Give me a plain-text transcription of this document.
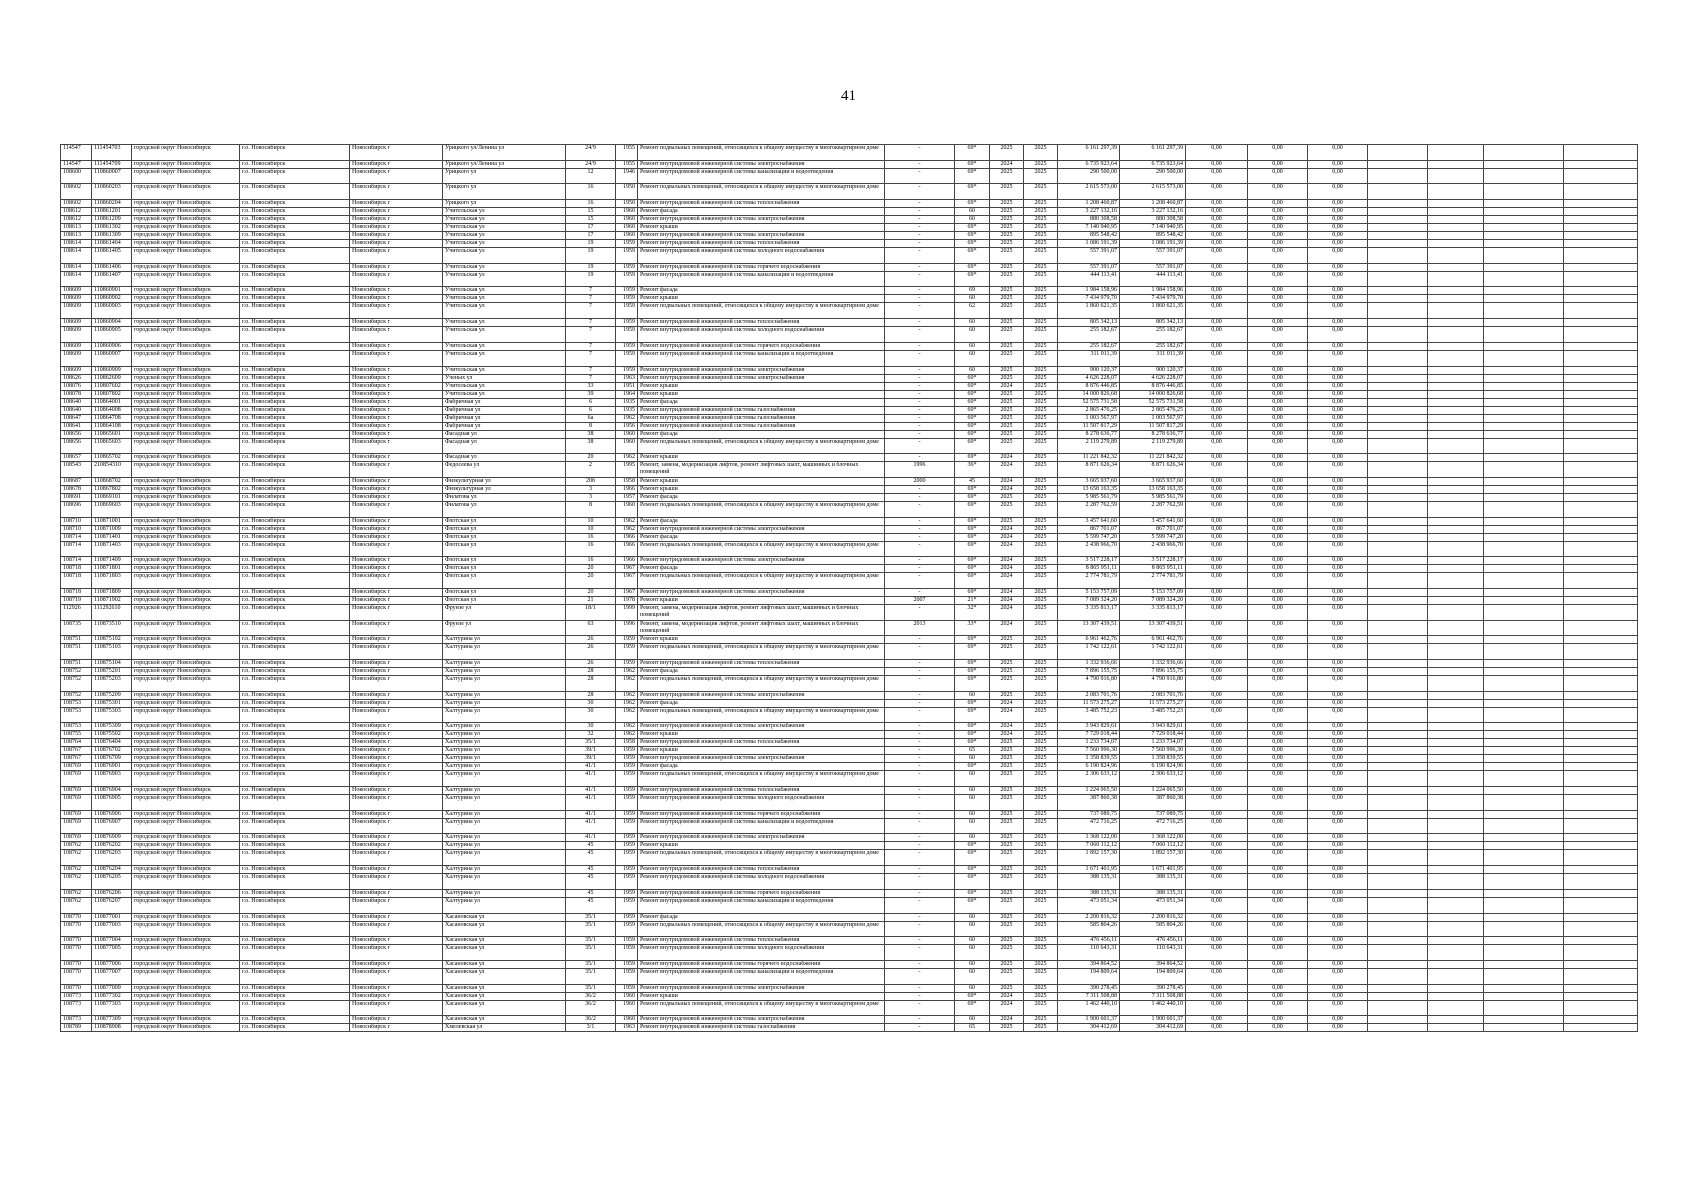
41
114547	111454703	городской округ Новосибирск	г.о. Новосибирск	Новосибирск г	Урицкого ул/Ленина ул	24/9	1955	Ремонт подвальных помещений, относящихся к общему имуществу в многоквартирном доме	-	69*	2025	2025	6 161 297,39	6 161 297,39	0,00	0,00	0,00				
114547	111454709	городской округ Новосибирск	г.о. Новосибирск	Новосибирск г	Урицкого ул/Ленина ул	24/9	1955	Ремонт внутридомовой инженерной системы электроснабжения	-	69*	2024	2025	6 735 923,64	6 735 923,64	0,00	0,00	0,00				
108600	110860007	городской округ Новосибирск	г.о. Новосибирск	Новосибирск г	Урицкого ул	12	1946	Ремонт внутридомовой инженерной системы канализации и водоотведения	-	69*	2025	2025	290 500,00	290 500,00	0,00	0,00	0,00				
108602	110860203	городской округ Новосибирск	г.о. Новосибирск	Новосибирск г	Урицкого ул	16	1950	Ремонт подвальных помещений, относящихся к общему имуществу в многоквартирном доме	-	69*	2025	2025	2 615 573,00	2 615 573,00	0,00	0,00	0,00				
108602	110860204	городской округ Новосибирск	г.о. Новосибирск	Новосибирск г	Урицкого ул	16	1950	Ремонт внутридомовой инженерной системы теплоснабжения	-	69*	2025	2025	1 208 460,87	1 208 460,87	0,00	0,00	0,00				
108612	110861201	городской округ Новосибирск	г.о. Новосибирск	Новосибирск г	Учительская ул	15	1960	Ремонт фасада	-	60	2025	2025	3 227 132,16	3 227 132,16	0,00	0,00	0,00				
108612	110861209	городской округ Новосибирск	г.о. Новосибирск	Новосибирск г	Учительская ул	15	1960	Ремонт внутридомовой инженерной системы электроснабжения	-	60	2025	2025	880 308,58	880 308,58	0,00	0,00	0,00				
108613	110861302	городской округ Новосибирск	г.о. Новосибирск	Новосибирск г	Учительская ул	17	1960	Ремонт крыши	-	69*	2025	2025	7 140 940,95	7 140 940,95	0,00	0,00	0,00				
108613	110861309	городской округ Новосибирск	г.о. Новосибирск	Новосибирск г	Учительская ул	17	1960	Ремонт внутридомовой инженерной системы электроснабжения	-	69*	2025	2025	895 548,42	895 548,42	0,00	0,00	0,00				
108614	110861404	городской округ Новосибирск	г.о. Новосибирск	Новосибирск г	Учительская ул	19	1959	Ремонт внутридомовой инженерной системы теплоснабжения	-	69*	2025	2025	1 086 191,39	1 086 191,39	0,00	0,00	0,00				
108614	110861405	городской округ Новосибирск	г.о. Новосибирск	Новосибирск г	Учительская ул	19	1959	Ремонт внутридомовой инженерной системы холодного водоснабжения	-	69*	2025	2025	557 391,07	557 391,07	0,00	0,00	0,00				
108614	110861406	городской округ Новосибирск	г.о. Новосибирск	Новосибирск г	Учительская ул	19	1959	Ремонт внутридомовой инженерной системы горячего водоснабжения	-	69*	2025	2025	557 391,07	557 391,07	0,00	0,00	0,00				
108614	110861407	городской округ Новосибирск	г.о. Новосибирск	Новосибирск г	Учительская ул	19	1959	Ремонт внутридомовой инженерной системы канализации и водоотведения	-	69*	2025	2025	444 113,41	444 113,41	0,00	0,00	0,00				
108609	110860901	городской округ Новосибирск	г.о. Новосибирск	Новосибирск г	Учительская ул	7	1959	Ремонт фасада	-	69	2025	2025	1 984 158,96	1 984 158,96	0,00	0,00	0,00				
108609	110860902	городской округ Новосибирск	г.о. Новосибирск	Новосибирск г	Учительская ул	7	1959	Ремонт крыши	-	60	2025	2025	7 434 979,70	7 434 979,70	0,00	0,00	0,00				
108609	110860903	городской округ Новосибирск	г.о. Новосибирск	Новосибирск г	Учительская ул	7	1959	Ремонт подвальных помещений, относящихся к общему имуществу в многоквартирном доме	-	62	2025	2025	1 860 621,35	1 860 621,35	0,00	0,00	0,00				
108609	110860904	городской округ Новосибирск	г.о. Новосибирск	Новосибирск г	Учительская ул	7	1959	Ремонт внутридомовой инженерной системы теплоснабжения	-	60	2025	2025	805 342,13	805 342,13	0,00	0,00	0,00				
108609	110860905	городской округ Новосибирск	г.о. Новосибирск	Новосибирск г	Учительская ул	7	1959	Ремонт внутридомовой инженерной системы холодного водоснабжения	-	60	2025	2025	255 182,67	255 182,67	0,00	0,00	0,00				
108609	110860906	городской округ Новосибирск	г.о. Новосибирск	Новосибирск г	Учительская ул	7	1959	Ремонт внутридомовой инженерной системы горячего водоснабжения	-	60	2025	2025	255 182,67	255 182,67	0,00	0,00	0,00				
108609	110860907	городской округ Новосибирск	г.о. Новосибирск	Новосибирск г	Учительская ул	7	1959	Ремонт внутридомовой инженерной системы канализации и водоотведения	-	60	2025	2025	311 011,39	311 011,39	0,00	0,00	0,00				
108609	110860909	городской округ Новосибирск	г.о. Новосибирск	Новосибирск г	Учительская ул	7	1959	Ремонт внутридомовой инженерной системы электроснабжения	-	60	2025	2025	900 120,37	900 120,37	0,00	0,00	0,00				
108626	110862609	городской округ Новосибирск	г.о. Новосибирск	Новосибирск г	Ученых ул	7	1963	Ремонт внутридомовой инженерной системы электроснабжения	-	69*	2025	2025	4 626 228,07	4 626 228,07	0,00	0,00	0,00				
108076	110807602	городской округ Новосибирск	г.о. Новосибирск	Новосибирск г	Учительская ул	33	1951	Ремонт крыши	-	69*	2024	2025	8 876 446,85	8 876 446,85	0,00	0,00	0,00				
108078	110807802	городской округ Новосибирск	г.о. Новосибирск	Новосибирск г	Учительская ул	39	1964	Ремонт крыши	-	69*	2025	2025	14 000 826,68	14 000 826,68	0,00	0,00	0,00				
108640	110864001	городской округ Новосибирск	г.о. Новосибирск	Новосибирск г	Фабричная ул	6	1935	Ремонт фасада	-	69*	2025	2025	52 575 731,58	52 575 731,58	0,00	0,00	0,00				
108640	110864008	городской округ Новосибирск	г.о. Новосибирск	Новосибирск г	Фабричная ул	6	1935	Ремонт внутридомовой инженерной системы газоснабжения	-	69*	2025	2025	2 865 476,25	2 865 476,25	0,00	0,00	0,00				
108647	110864708	городской округ Новосибирск	г.о. Новосибирск	Новосибирск г	Фабричная ул	6а	1962	Ремонт внутридомовой инженерной системы газоснабжения	-	69*	2025	2025	1 003 567,97	1 003 567,97	0,00	0,00	0,00				
108641	110864108	городской округ Новосибирск	г.о. Новосибирск	Новосибирск г	Фабричная ул	8	1956	Ремонт внутридомовой инженерной системы газоснабжения	-	69*	2025	2025	11 507 817,29	11 507 817,29	0,00	0,00	0,00				
108656	110865601	городской округ Новосибирск	г.о. Новосибирск	Новосибирск г	Фасадная ул	38	1960	Ремонт фасада	-	69*	2025	2025	8 278 636,77	8 278 636,77	0,00	0,00	0,00				
108656	110865603	городской округ Новосибирск	г.о. Новосибирск	Новосибирск г	Фасадная ул	38	1960	Ремонт подвальных помещений, относящихся к общему имуществу в многоквартирном доме	-	69*	2025	2025	2 119 279,89	2 119 279,89	0,00	0,00	0,00				
108657	110865702	городской округ Новосибирск	г.о. Новосибирск	Новосибирск г	Фасадная ул	20	1962	Ремонт крыши	-	69*	2024	2025	11 221 842,32	11 221 842,32	0,00	0,00	0,00				
108543	210854310	городской округ Новосибирск	г.о. Новосибирск	Новосибирск г	Федосеева ул	2	1995	Ремонт, замена, модернизация лифтов, ремонт лифтовых шахт, машинных и блочных помещений	1996	36*	2024	2025	8 871 626,34	8 871 626,34	0,00	0,00	0,00				
108687	110868702	городской округ Новосибирск	г.о. Новосибирск	Новосибирск г	Физкультурная ул	20б	1958	Ремонт крыши	2000	45	2024	2025	3 665 937,60	3 665 937,60	0,00	0,00	0,00				
108678	110867802	городской округ Новосибирск	г.о. Новосибирск	Новосибирск г	Физкультурная ул	3	1966	Ремонт крыши	-	69*	2024	2025	13 658 163,35	13 658 163,35	0,00	0,00	0,00				
108691	110869101	городской округ Новосибирск	г.о. Новосибирск	Новосибирск г	Филатова ул	3	1957	Ремонт фасада	-	69*	2025	2025	5 985 561,79	5 985 561,79	0,00	0,00	0,00				
108696	110869603	городской округ Новосибирск	г.о. Новосибирск	Новосибирск г	Филатова ул	8	1960	Ремонт подвальных помещений, относящихся к общему имуществу в многоквартирном доме	-	69*	2025	2025	2 287 762,59	2 287 762,59	0,00	0,00	0,00				
108710	110871001	городской округ Новосибирск	г.о. Новосибирск	Новосибирск г	Флотская ул	10	1962	Ремонт фасада	-	69*	2025	2025	3 457 641,60	3 457 641,60	0,00	0,00	0,00				
108710	110871009	городской округ Новосибирск	г.о. Новосибирск	Новосибирск г	Флотская ул	10	1962	Ремонт внутридомовой инженерной системы электроснабжения	-	69*	2024	2025	867 701,07	867 701,07	0,00	0,00	0,00				
108714	110871401	городской округ Новосибирск	г.о. Новосибирск	Новосибирск г	Флотская ул	16	1966	Ремонт фасада	-	69*	2024	2025	5 599 747,20	5 599 747,20	0,00	0,00	0,00				
108714	110871403	городской округ Новосибирск	г.о. Новосибирск	Новосибирск г	Флотская ул	16	1966	Ремонт подвальных помещений, относящихся к общему имуществу в многоквартирном доме	-	69*	2024	2025	2 438 966,70	2 438 966,70	0,00	0,00	0,00				
108714	110871409	городской округ Новосибирск	г.о. Новосибирск	Новосибирск г	Флотская ул	16	1966	Ремонт внутридомовой инженерной системы электроснабжения	-	69*	2024	2025	3 517 228,17	3 517 228,17	0,00	0,00	0,00				
108718	110871801	городской округ Новосибирск	г.о. Новосибирск	Новосибирск г	Флотская ул	20	1967	Ремонт фасада	-	69*	2024	2025	8 865 951,11	8 865 951,11	0,00	0,00	0,00				
108718	110871803	городской округ Новосибирск	г.о. Новосибирск	Новосибирск г	Флотская ул	20	1967	Ремонт подвальных помещений, относящихся к общему имуществу в многоквартирном доме	-	69*	2024	2025	2 774 781,79	2 774 781,79	0,00	0,00	0,00				
108718	110871809	городской округ Новосибирск	г.о. Новосибирск	Новосибирск г	Флотская ул	20	1967	Ремонт внутридомовой инженерной системы электроснабжения	-	69*	2024	2025	5 153 757,09	5 153 757,09	0,00	0,00	0,00				
108719	110871902	городской округ Новосибирск	г.о. Новосибирск	Новосибирск г	Флотская ул	21	1978	Ремонт крыши	2007	21*	2024	2025	7 089 324,20	7 089 324,20	0,00	0,00	0,00				
112926	111292610	городской округ Новосибирск	г.о. Новосибирск	Новосибирск г	Фрунзе ул	18/1	1999	Ремонт, замена, модернизация лифтов, ремонт лифтовых шахт, машинных и блочных помещений	-	32*	2024	2025	3 335 813,17	3 335 813,17	0,00	0,00	0,00				
108735	110873510	городской округ Новосибирск	г.о. Новосибирск	Новосибирск г	Фрунзе ул	63	1996	Ремонт, замена, модернизация лифтов, ремонт лифтовых шахт, машинных и блочных помещений	2013	33*	2024	2025	13 307 439,51	13 307 439,51	0,00	0,00	0,00				
108751	110875102	городской округ Новосибирск	г.о. Новосибирск	Новосибирск г	Халтурина ул	26	1959	Ремонт крыши	-	69*	2025	2025	6 961 462,76	6 961 462,76	0,00	0,00	0,00				
108751	110875103	городской округ Новосибирск	г.о. Новосибирск	Новосибирск г	Халтурина ул	26	1959	Ремонт подвальных помещений, относящихся к общему имуществу в многоквартирном доме	-	69*	2025	2025	1 742 122,61	1 742 122,61	0,00	0,00	0,00				
108751	110875104	городской округ Новосибирск	г.о. Новосибирск	Новосибирск г	Халтурина ул	26	1959	Ремонт внутридомовой инженерной системы теплоснабжения	-	69*	2025	2025	1 332 936,66	1 332 936,66	0,00	0,00	0,00				
108752	110875201	городской округ Новосибирск	г.о. Новосибирск	Новосибирск г	Халтурина ул	28	1962	Ремонт фасада	-	69*	2025	2025	7 896 155,75	7 896 155,75	0,00	0,00	0,00				
108752	110875203	городской округ Новосибирск	г.о. Новосибирск	Новосибирск г	Халтурина ул	28	1962	Ремонт подвальных помещений, относящихся к общему имуществу в многоквартирном доме	-	69*	2025	2025	4 790 916,80	4 790 916,80	0,00	0,00	0,00				
108752	110875209	городской округ Новосибирск	г.о. Новосибирск	Новосибирск г	Халтурина ул	28	1962	Ремонт внутридомовой инженерной системы электроснабжения	-	60	2025	2025	2 083 701,76	2 083 701,76	0,00	0,00	0,00				
108753	110875301	городской округ Новосибирск	г.о. Новосибирск	Новосибирск г	Халтурина ул	30	1962	Ремонт фасада	-	69*	2024	2025	11 573 275,27	11 573 275,27	0,00	0,00	0,00				
108753	110875303	городской округ Новосибирск	г.о. Новосибирск	Новосибирск г	Халтурина ул	30	1962	Ремонт подвальных помещений, относящихся к общему имуществу в многоквартирном доме	-	69*	2024	2025	3 485 752,23	3 485 752,23	0,00	0,00	0,00				
108753	110875309	городской округ Новосибирск	г.о. Новосибирск	Новосибирск г	Халтурина ул	30	1962	Ремонт внутридомовой инженерной системы электроснабжения	-	69*	2024	2025	3 943 829,61	3 943 829,61	0,00	0,00	0,00				
108755	110875502	городской округ Новосибирск	г.о. Новосибирск	Новосибирск г	Халтурина ул	32	1962	Ремонт крыши	-	69*	2024	2025	7 729 018,44	7 729 018,44	0,00	0,00	0,00				
108764	110876404	городской округ Новосибирск	г.о. Новосибирск	Новосибирск г	Халтурина ул	35/1	1958	Ремонт внутридомовой инженерной системы теплоснабжения	-	69*	2025	2025	1 233 734,07	1 233 734,07	0,00	0,00	0,00				
108767	110876702	городской округ Новосибирск	г.о. Новосибирск	Новосибирск г	Халтурина ул	39/1	1959	Ремонт крыши	-	65	2025	2025	7 560 996,30	7 560 996,30	0,00	0,00	0,00				
108767	110876709	городской округ Новосибирск	г.о. Новосибирск	Новосибирск г	Халтурина ул	39/1	1959	Ремонт внутридомовой инженерной системы электроснабжения	-	60	2025	2025	1 358 839,55	1 358 839,55	0,00	0,00	0,00				
108769	110876901	городской округ Новосибирск	г.о. Новосибирск	Новосибирск г	Халтурина ул	41/1	1959	Ремонт фасада	-	69*	2025	2025	6 190 824,96	6 190 824,96	0,00	0,00	0,00				
108769	110876903	городской округ Новосибирск	г.о. Новосибирск	Новосибирск г	Халтурина ул	41/1	1959	Ремонт подвальных помещений, относящихся к общему имуществу в многоквартирном доме	-	60	2025	2025	2 306 633,12	2 306 633,12	0,00	0,00	0,00				
108769	110876904	городской округ Новосибирск	г.о. Новосибирск	Новосибирск г	Халтурина ул	41/1	1959	Ремонт внутридомовой инженерной системы теплоснабжения	-	60	2025	2025	1 224 065,50	1 224 065,50	0,00	0,00	0,00				
108769	110876905	городской округ Новосибирск	г.о. Новосибирск	Новосибирск г	Халтурина ул	41/1	1959	Ремонт внутридомовой инженерной системы холодного водоснабжения	-	60	2025	2025	387 860,38	387 860,38	0,00	0,00	0,00				
108769	110876906	городской округ Новосибирск	г.о. Новосибирск	Новосибирск г	Халтурина ул	41/1	1959	Ремонт внутридомовой инженерной системы горячего водоснабжения	-	60	2025	2025	737 089,75	737 089,75	0,00	0,00	0,00				
108769	110876907	городской округ Новосибирск	г.о. Новосибирск	Новосибирск г	Халтурина ул	41/1	1959	Ремонт внутридомовой инженерной системы канализации и водоотведения	-	60	2025	2025	472 716,25	472 716,25	0,00	0,00	0,00				
108769	110876909	городской округ Новосибирск	г.о. Новосибирск	Новосибирск г	Халтурина ул	41/1	1959	Ремонт внутридомовой инженерной системы электроснабжения	-	60	2025	2025	1 368 122,00	1 368 122,00	0,00	0,00	0,00				
108762	110876202	городской округ Новосибирск	г.о. Новосибирск	Новосибирск г	Халтурина ул	45	1959	Ремонт крыши	-	69*	2025	2025	7 060 112,12	7 060 112,12	0,00	0,00	0,00				
108762	110876203	городской округ Новосибирск	г.о. Новосибирск	Новосибирск г	Халтурина ул	45	1959	Ремонт подвальных помещений, относящихся к общему имуществу в многоквартирном доме	-	69*	2025	2025	1 892 157,30	1 892 157,30	0,00	0,00	0,00				
108762	110876204	городской округ Новосибирск	г.о. Новосибирск	Новосибирск г	Халтурина ул	45	1959	Ремонт внутридомовой инженерной системы теплоснабжения	-	69*	2025	2025	1 671 401,95	1 671 401,95	0,00	0,00	0,00				
108762	110876205	городской округ Новосибирск	г.о. Новосибирск	Новосибирск г	Халтурина ул	45	1959	Ремонт внутридомовой инженерной системы холодного водоснабжения	-	69*	2025	2025	388 135,31	388 135,31	0,00	0,00	0,00				
108762	110876206	городской округ Новосибирск	г.о. Новосибирск	Новосибирск г	Халтурина ул	45	1959	Ремонт внутридомовой инженерной системы горячего водоснабжения	-	69*	2025	2025	388 135,31	388 135,31	0,00	0,00	0,00				
108762	110876207	городской округ Новосибирск	г.о. Новосибирск	Новосибирск г	Халтурина ул	45	1959	Ремонт внутридомовой инженерной системы канализации и водоотведения	-	69*	2025	2025	473 051,34	473 051,34	0,00	0,00	0,00				
108770	110877001	городской округ Новосибирск	г.о. Новосибирск	Новосибирск г	Хасановская ул	35/1	1959	Ремонт фасада	-	60	2025	2025	2 200 816,32	2 200 816,32	0,00	0,00	0,00				
108770	110877003	городской округ Новосибирск	г.о. Новосибирск	Новосибирск г	Хасановская ул	35/1	1959	Ремонт подвальных помещений, относящихся к общему имуществу в многоквартирном доме	-	60	2025	2025	585 804,26	585 804,26	0,00	0,00	0,00				
108770	110877004	городской округ Новосибирск	г.о. Новосибирск	Новосибирск г	Хасановская ул	35/1	1959	Ремонт внутридомовой инженерной системы теплоснабжения	-	60	2025	2025	476 456,11	476 456,11	0,00	0,00	0,00				
108770	110877005	городской округ Новосибирск	г.о. Новосибирск	Новосибирск г	Хасановская ул	35/1	1959	Ремонт внутридомовой инженерной системы холодного водоснабжения	-	60	2025	2025	110 643,31	110 643,31	0,00	0,00	0,00				
108770	110877006	городской округ Новосибирск	г.о. Новосибирск	Новосибирск г	Хасановская ул	35/1	1959	Ремонт внутридомовой инженерной системы горячего водоснабжения	-	60	2025	2025	394 864,52	394 864,52	0,00	0,00	0,00				
108770	110877007	городской округ Новосибирск	г.о. Новосибирск	Новосибирск г	Хасановская ул	35/1	1959	Ремонт внутридомовой инженерной системы канализации и водоотведения	-	60	2025	2025	194 809,64	194 809,64	0,00	0,00	0,00				
108770	110877009	городской округ Новосибирск	г.о. Новосибирск	Новосибирск г	Хасановская ул	35/1	1959	Ремонт внутридомовой инженерной системы электроснабжения	-	60	2025	2025	390 278,45	390 278,45	0,00	0,00	0,00				
108773	110877302	городской округ Новосибирск	г.о. Новосибирск	Новосибирск г	Хасановская ул	36/2	1960	Ремонт крыши	-	69*	2024	2025	7 311 508,88	7 311 508,88	0,00	0,00	0,00				
108773	110877303	городской округ Новосибирск	г.о. Новосибирск	Новосибирск г	Хасановская ул	36/2	1960	Ремонт подвальных помещений, относящихся к общему имуществу в многоквартирном доме	-	69*	2024	2025	1 462 440,10	1 462 440,10	0,00	0,00	0,00				
108773	110877309	городской округ Новосибирск	г.о. Новосибирск	Новосибирск г	Хасановская ул	36/2	1960	Ремонт внутридомовой инженерной системы электроснабжения	-	60	2024	2025	1 900 601,37	1 900 601,37	0,00	0,00	0,00				
108789	110878908	городской округ Новосибирск	г.о. Новосибирск	Новосибирск г	Хмелевская ул	3/1	1963	Ремонт внутридомовой инженерной системы газоснабжения	-	65	2025	2025	304 412,69	304 412,69	0,00	0,00	0,00				
